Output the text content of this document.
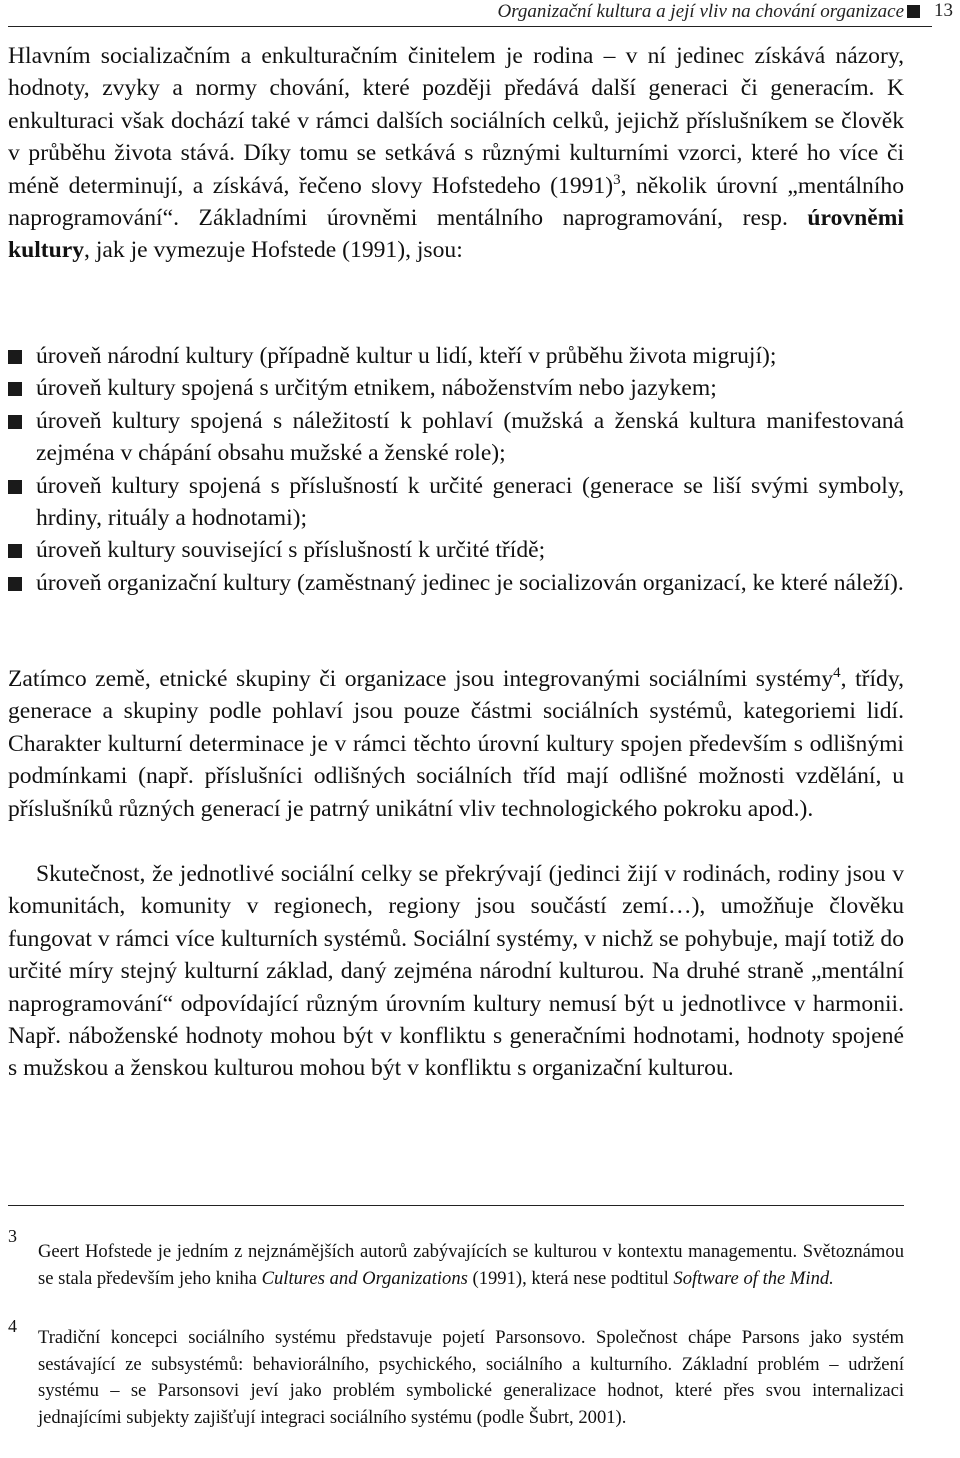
Organizační kultura a její vliv na chování organizace 13

Hlavním socializačním a enkulturačním činitelem je rodina – v ní jedinec získává názory, hodnoty, zvyky a normy chování, které později předává další generaci či generacím. K enkulturaci však dochází také v rámci dalších sociálních celků, jejichž příslušníkem se člověk v průběhu života stává. Díky tomu se setkává s různými kulturními vzorci, které ho více či méně determinují, a získává, řečeno slovy Hofstedeho $(1991)^3$, několik úrovní „mentálního naprogramování“. Základními úrovněmi mentálního naprogramování, resp. úrovněmi kultury, jak je vymezuje Hofstede (1991), jsou:

úroveň národní kultury (případně kultur u lidí, kteří v průběhu života migrují);
úroveň kultury spojená s určitým etnikem, náboženstvím nebo jazykem;
úroveň kultury spojená s náležitostí k pohlaví (mužská a ženská kultura manifestovaná zejména v chápání obsahu mužské a ženské role);
úroveň kultury spojená s příslušností k určité generaci (generace se liší svými symboly, hrdiny, rituály a hodnotami);
úroveň kultury související s příslušností k určité třídě;
úroveň organizační kultury (zaměstnaný jedinec je socializován organizací, ke které náleží).

Zatímco země, etnické skupiny či organizace jsou integrovanými sociálními systémy$^4$, třídy, generace a skupiny podle pohlaví jsou pouze částmi sociálních systémů, kategoriemi lidí. Charakter kulturní determinace je v rámci těchto úrovní kultury spojen především s odlišnými podmínkami (např. příslušníci odlišných sociálních tříd mají odlišné možnosti vzdělání, u příslušníků různých generací je patrný unikátní vliv technologického pokroku apod.).

Skutečnost, že jednotlivé sociální celky se překrývají (jedinci žijí v rodinách, rodiny jsou v komunitách, komunity v regionech, regiony jsou součástí zemí…), umožňuje člověku fungovat v rámci více kulturních systémů. Sociální systémy, v nichž se pohybuje, mají totiž do určité míry stejný kulturní základ, daný zejména národní kulturou. Na druhé straně „mentální naprogramování“ odpovídající různým úrovním kultury nemusí být u jednotlivce v harmonii. Např. náboženské hodnoty mohou být v konfliktu s generačními hodnotami, hodnoty spojené s mužskou a ženskou kulturou mohou být v konfliktu s organizační kulturou.

3
Geert Hofstede je jedním z nejznámějších autorů zabývajících se kulturou v kontextu managementu. Světoznámou se stala především jeho kniha Cultures and Organizations (1991), která nese podtitul Software of the Mind.
4
Tradiční koncepci sociálního systému představuje pojetí Parsonsovo. Společnost chápe Parsons jako systém sestávající ze subsystémů: behaviorálního, psychického, sociálního a kulturního. Základní problém – udržení systému – se Parsonsovi jeví jako problém symbolické generalizace hodnot, které přes svou internalizaci jednajícími subjekty zajišťují integraci sociálního systému (podle Šubrt, 2001).
